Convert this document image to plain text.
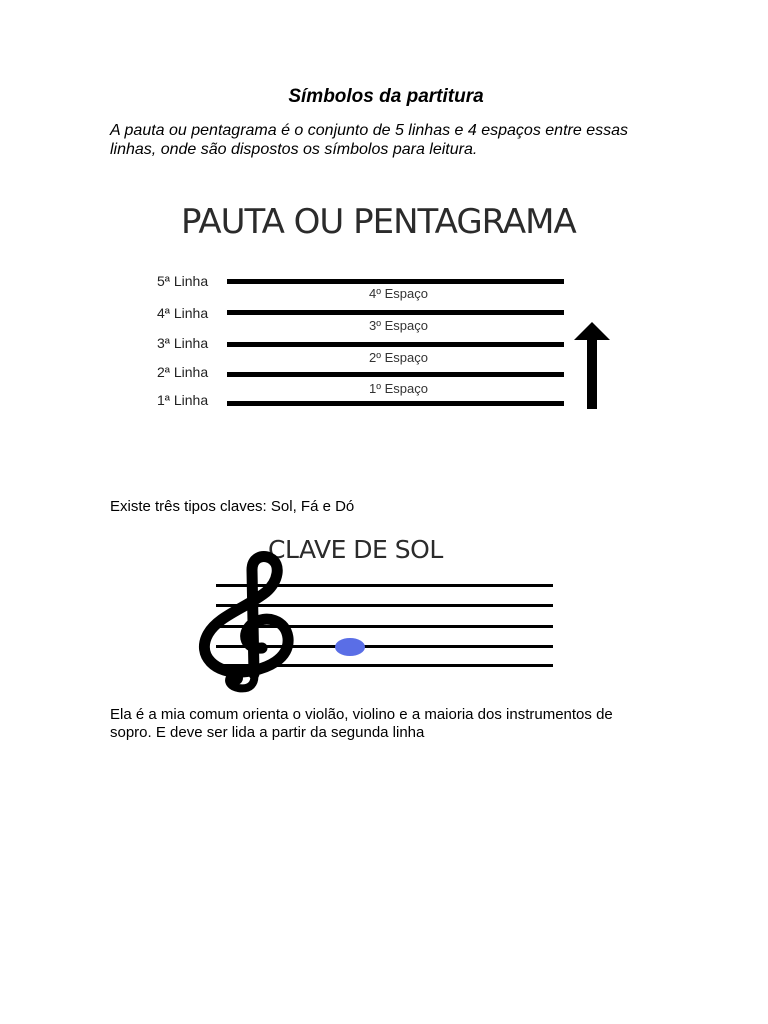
Símbolos da partitura
A pauta ou pentagrama é o conjunto de 5 linhas e 4 espaços entre essas linhas, onde são dispostos os símbolos para leitura.
PAUTA OU PENTAGRAMA
5ª Linha
4ª Linha
3ª Linha
2ª Linha
1ª Linha
4º Espaço
3º Espaço
2º Espaço
1º Espaço
Existe três tipos claves: Sol, Fá e Dó
CLAVE DE SOL
Ela é a mia comum orienta o violão, violino e a maioria dos instrumentos de sopro. E deve ser lida a partir da segunda linha
